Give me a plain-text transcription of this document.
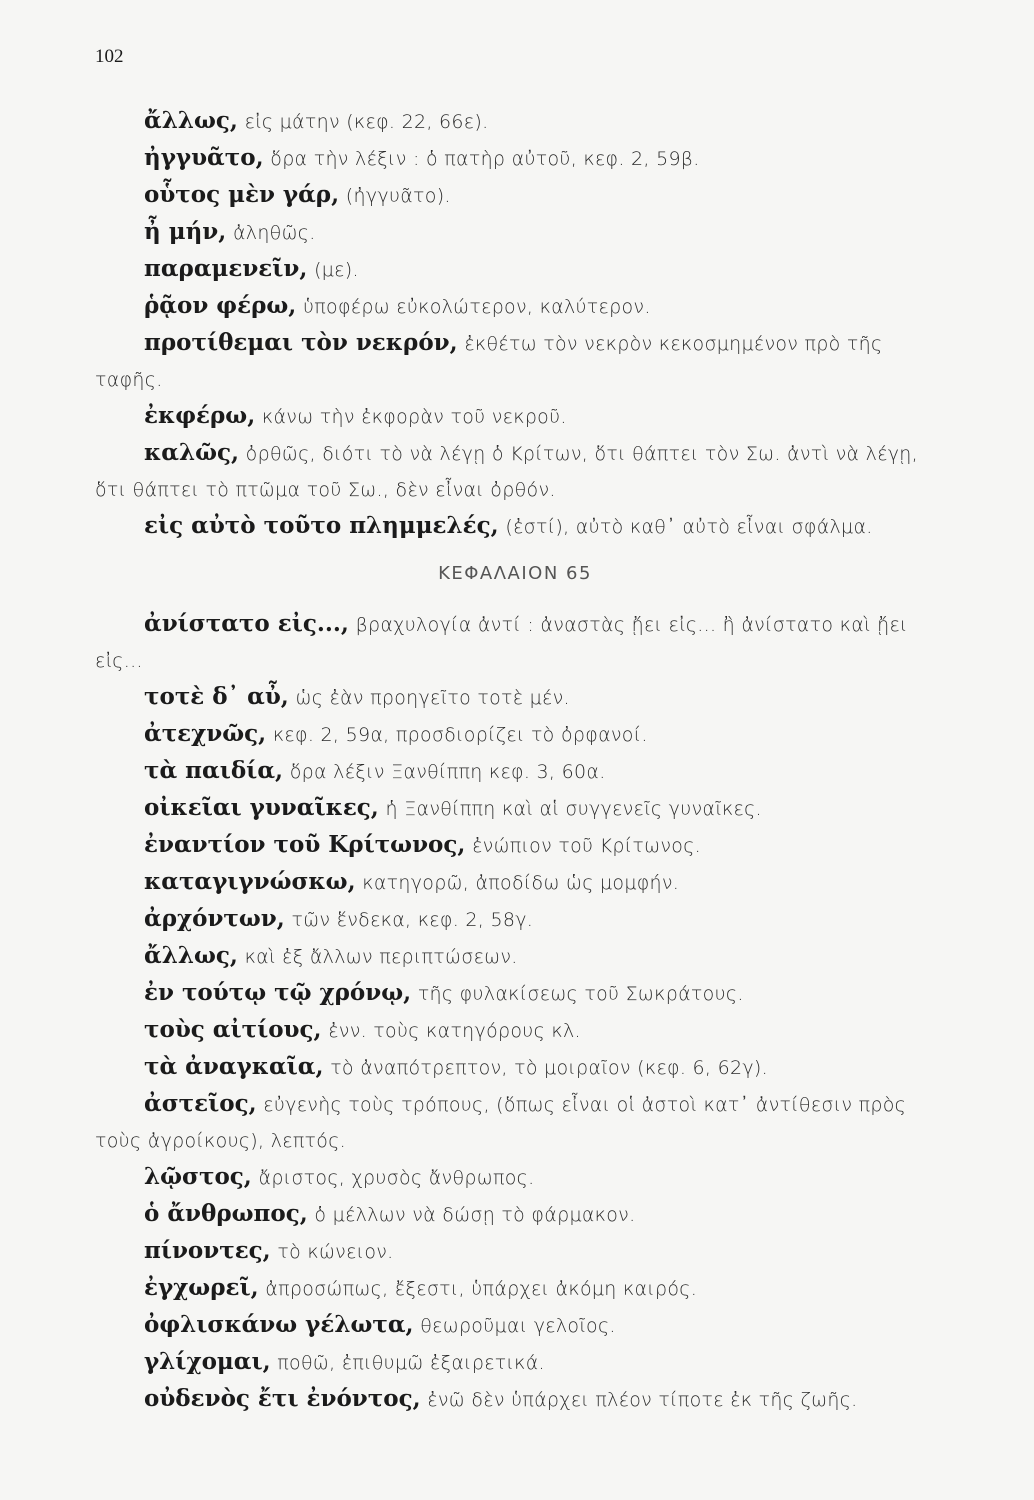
102

ἄλλως, εἰς μάτην (κεφ. 22, 66ε).

ἠγγυᾶτο, ὅρα τὴν λέξιν : ὁ πατὴρ αὐτοῦ, κεφ. 2, 59β.

οὗτος μὲν γάρ, (ἠγγυᾶτο).

ἦ μήν, ἀληθῶς.

παραμενεῖν, (με).

ῥᾷον φέρω, ὑποφέρω εὐκολώτερον, καλύτερον.

προτίθεμαι τὸν νεκρόν, ἐκθέτω τὸν νεκρὸν κεκοσμημένον πρὸ τῆς ταφῆς.

ἐκφέρω, κάνω τὴν ἐκφορὰν τοῦ νεκροῦ.

καλῶς, ὀρθῶς, διότι τὸ νὰ λέγῃ ὁ Κρίτων, ὅτι θάπτει τὸν Σω. ἀντὶ νὰ λέγῃ, ὅτι θάπτει τὸ πτῶμα τοῦ Σω., δὲν εἶναι ὀρθόν.

εἰς αὐτὸ τοῦτο πλημμελές, (ἐστί), αὐτὸ καθ᾿ αὐτὸ εἶναι σφάλμα.

ΚΕΦΑΛΑΙΟΝ 65

ἀνίστατο εἰς..., βραχυλογία ἀντί : ἀναστὰς ᾔει εἰς... ἢ ἀνίστατο καὶ ᾔει εἰς...

τοτὲ δ᾿ αὖ, ὡς ἐὰν προηγεῖτο τοτὲ μέν.

ἀτεχνῶς, κεφ. 2, 59α, προσδιορίζει τὸ ὀρφανοί.

τὰ παιδία, ὅρα λέξιν Ξανθίππη κεφ. 3, 60α.

οἰκεῖαι γυναῖκες, ἡ Ξανθίππη καὶ αἱ συγγενεῖς γυναῖκες.

ἐναντίον τοῦ Κρίτωνος, ἐνώπιον τοῦ Κρίτωνος.

καταγιγνώσκω, κατηγορῶ, ἀποδίδω ὡς μομφήν.

ἀρχόντων, τῶν ἕνδεκα, κεφ. 2, 58γ.

ἄλλως, καὶ ἐξ ἄλλων περιπτώσεων.

ἐν τούτῳ τῷ χρόνῳ, τῆς φυλακίσεως τοῦ Σωκράτους.

τοὺς αἰτίους, ἐνν. τοὺς κατηγόρους κλ.

τὰ ἀναγκαῖα, τὸ ἀναπότρεπτον, τὸ μοιραῖον (κεφ. 6, 62γ).

ἀστεῖος, εὐγενὴς τοὺς τρόπους, (ὅπως εἶναι οἱ ἀστοὶ κατ᾿ ἀντίθεσιν πρὸς τοὺς ἀγροίκους), λεπτός.

λῷστος, ἄριστος, χρυσὸς ἄνθρωπος.

ὁ ἄνθρωπος, ὁ μέλλων νὰ δώσῃ τὸ φάρμακον.

πίνοντες, τὸ κώνειον.

ἐγχωρεῖ, ἀπροσώπως, ἔξεστι, ὑπάρχει ἀκόμη καιρός.

ὀφλισκάνω γέλωτα, θεωροῦμαι γελοῖος.

γλίχομαι, ποθῶ, ἐπιθυμῶ ἐξαιρετικά.

οὐδενὸς ἔτι ἐνόντος, ἐνῶ δὲν ὑπάρχει πλέον τίποτε ἐκ τῆς ζωῆς.
